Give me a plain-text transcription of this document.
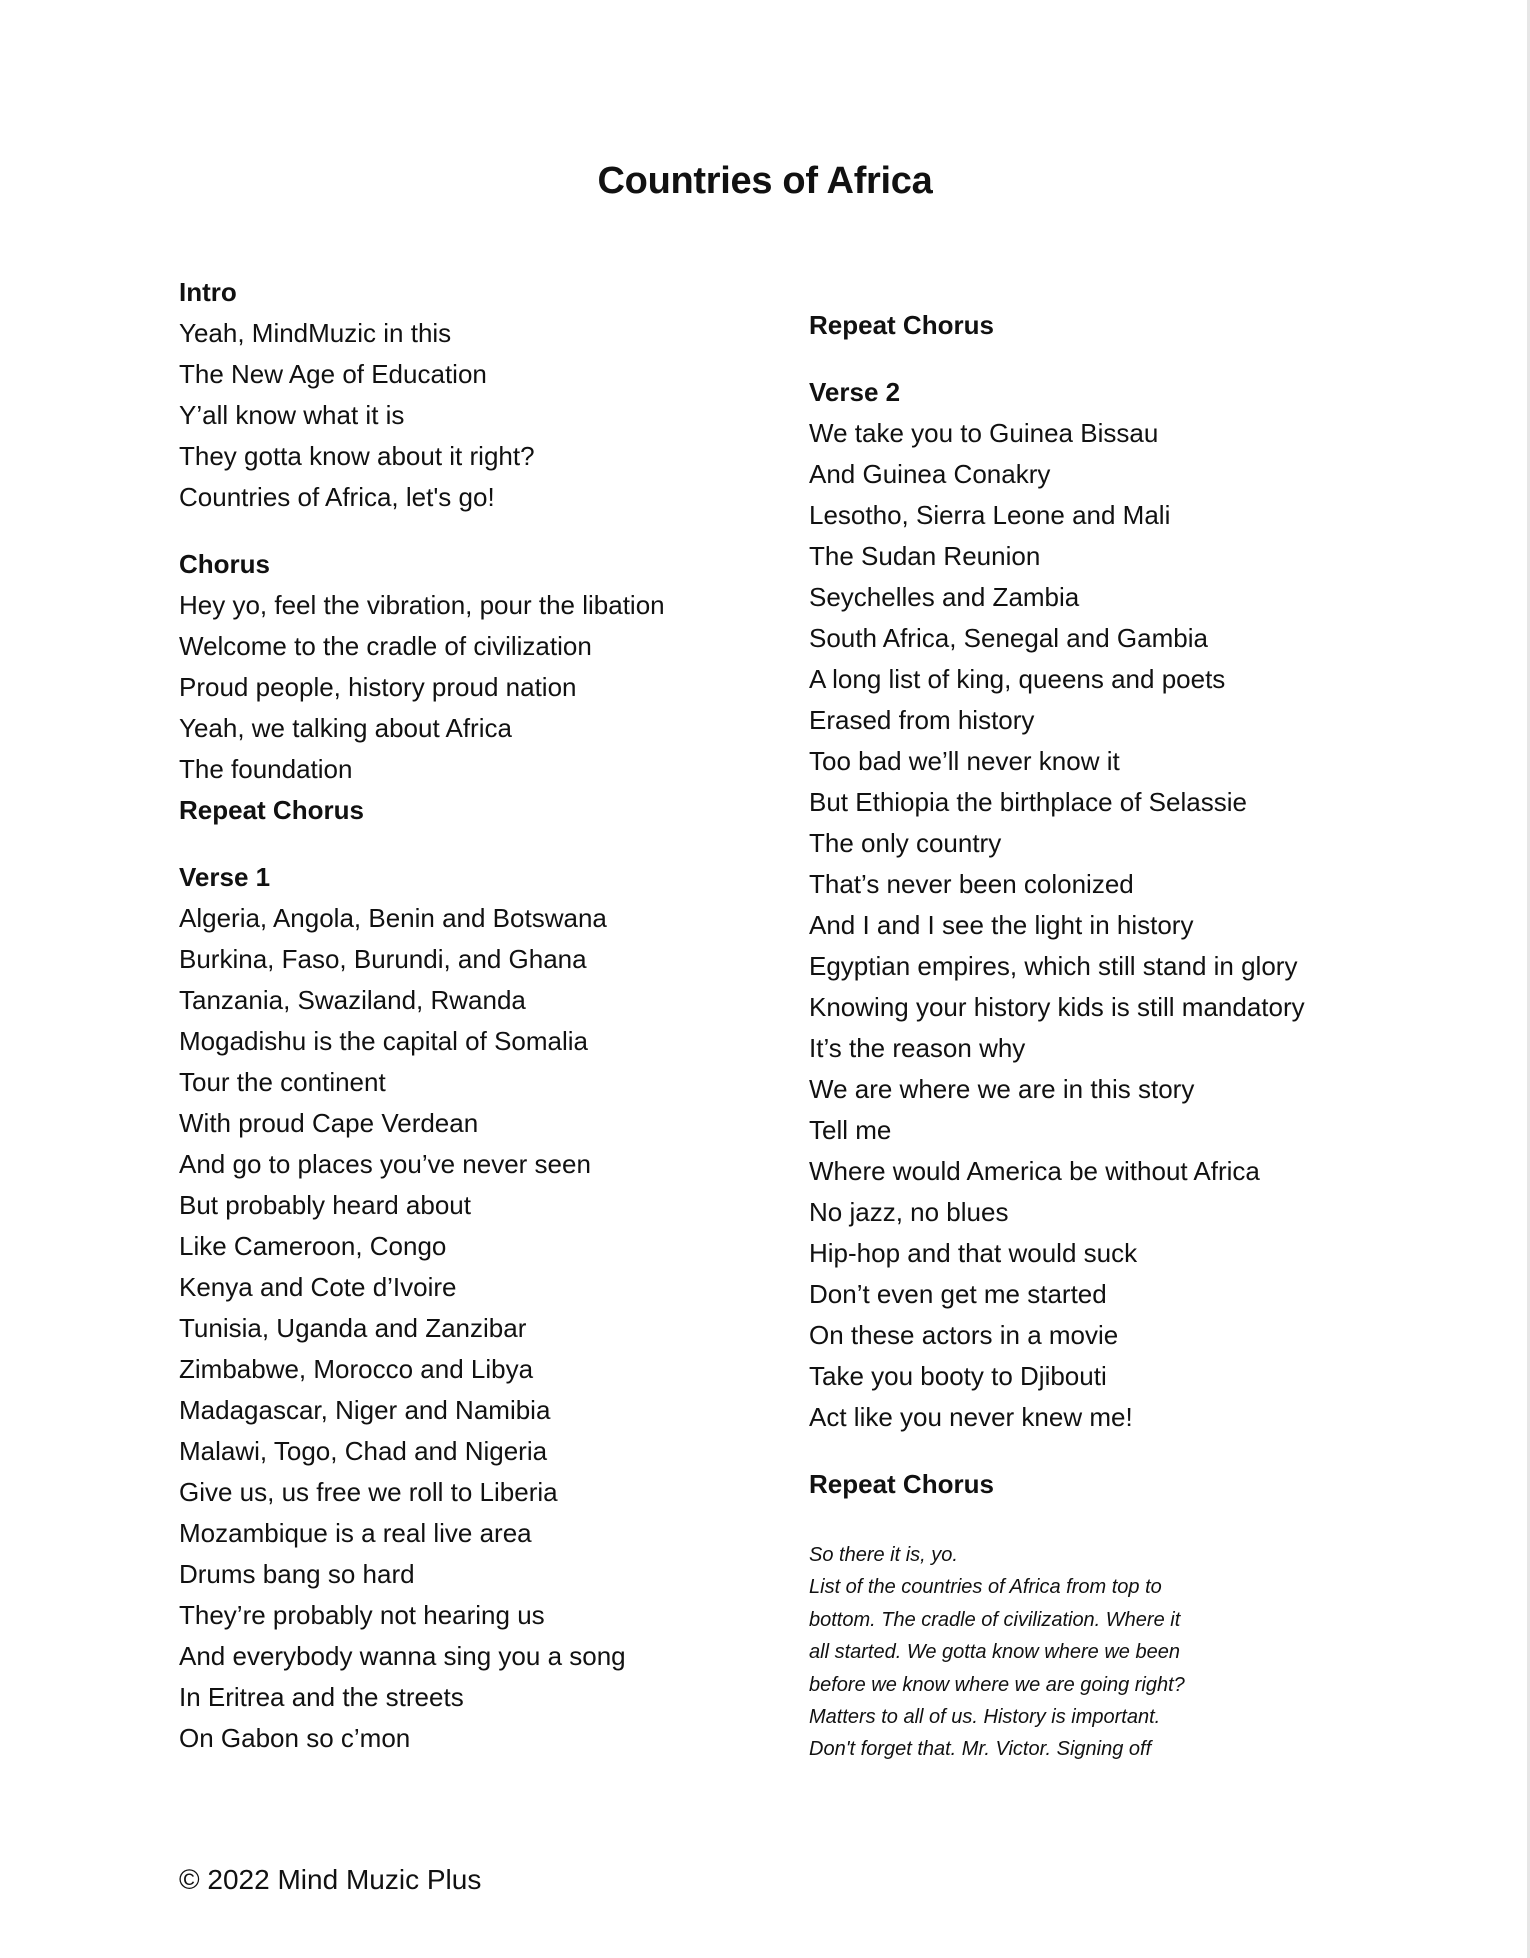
Countries of Africa
Intro
Yeah, MindMuzic in this
The New Age of Education
Y’all know what it is
They gotta know about it right?
Countries of Africa, let's go!
Chorus
Hey yo, feel the vibration, pour the libation
Welcome to the cradle of civilization
Proud people, history proud nation
Yeah, we talking about Africa
The foundation
Repeat Chorus
Verse 1
Algeria, Angola, Benin and Botswana
Burkina, Faso, Burundi, and Ghana
Tanzania, Swaziland, Rwanda
Mogadishu is the capital of Somalia
Tour the continent
With proud Cape Verdean
And go to places you’ve never seen
But probably heard about
Like Cameroon, Congo
Kenya and Cote d’Ivoire
Tunisia, Uganda and Zanzibar
Zimbabwe, Morocco and Libya
Madagascar, Niger and Namibia
Malawi, Togo, Chad and Nigeria
Give us, us free we roll to Liberia
Mozambique is a real live area
Drums bang so hard
They’re probably not hearing us
And everybody wanna sing you a song
In Eritrea and the streets
On Gabon so c’mon
Repeat Chorus
Verse 2
We take you to Guinea Bissau
And Guinea Conakry
Lesotho, Sierra Leone and Mali
The Sudan Reunion
Seychelles and Zambia
South Africa, Senegal and Gambia
A long list of king, queens and poets
Erased from history
Too bad we’ll never know it
But Ethiopia the birthplace of Selassie
The only country
That’s never been colonized
And I and I see the light in history
Egyptian empires, which still stand in glory
Knowing your history kids is still mandatory
It’s the reason why
We are where we are in this story
Tell me
Where would America be without Africa
No jazz, no blues
Hip-hop and that would suck
Don’t even get me started
On these actors in a movie
Take you booty to Djibouti
Act like you never knew me!
Repeat Chorus
So there it is, yo.
List of the countries of Africa from top to
bottom. The cradle of civilization. Where it
all started. We gotta know where we been
before we know where we are going right?
Matters to all of us. History is important.
Don't forget that. Mr. Victor. Signing off
© 2022 Mind Muzic Plus
